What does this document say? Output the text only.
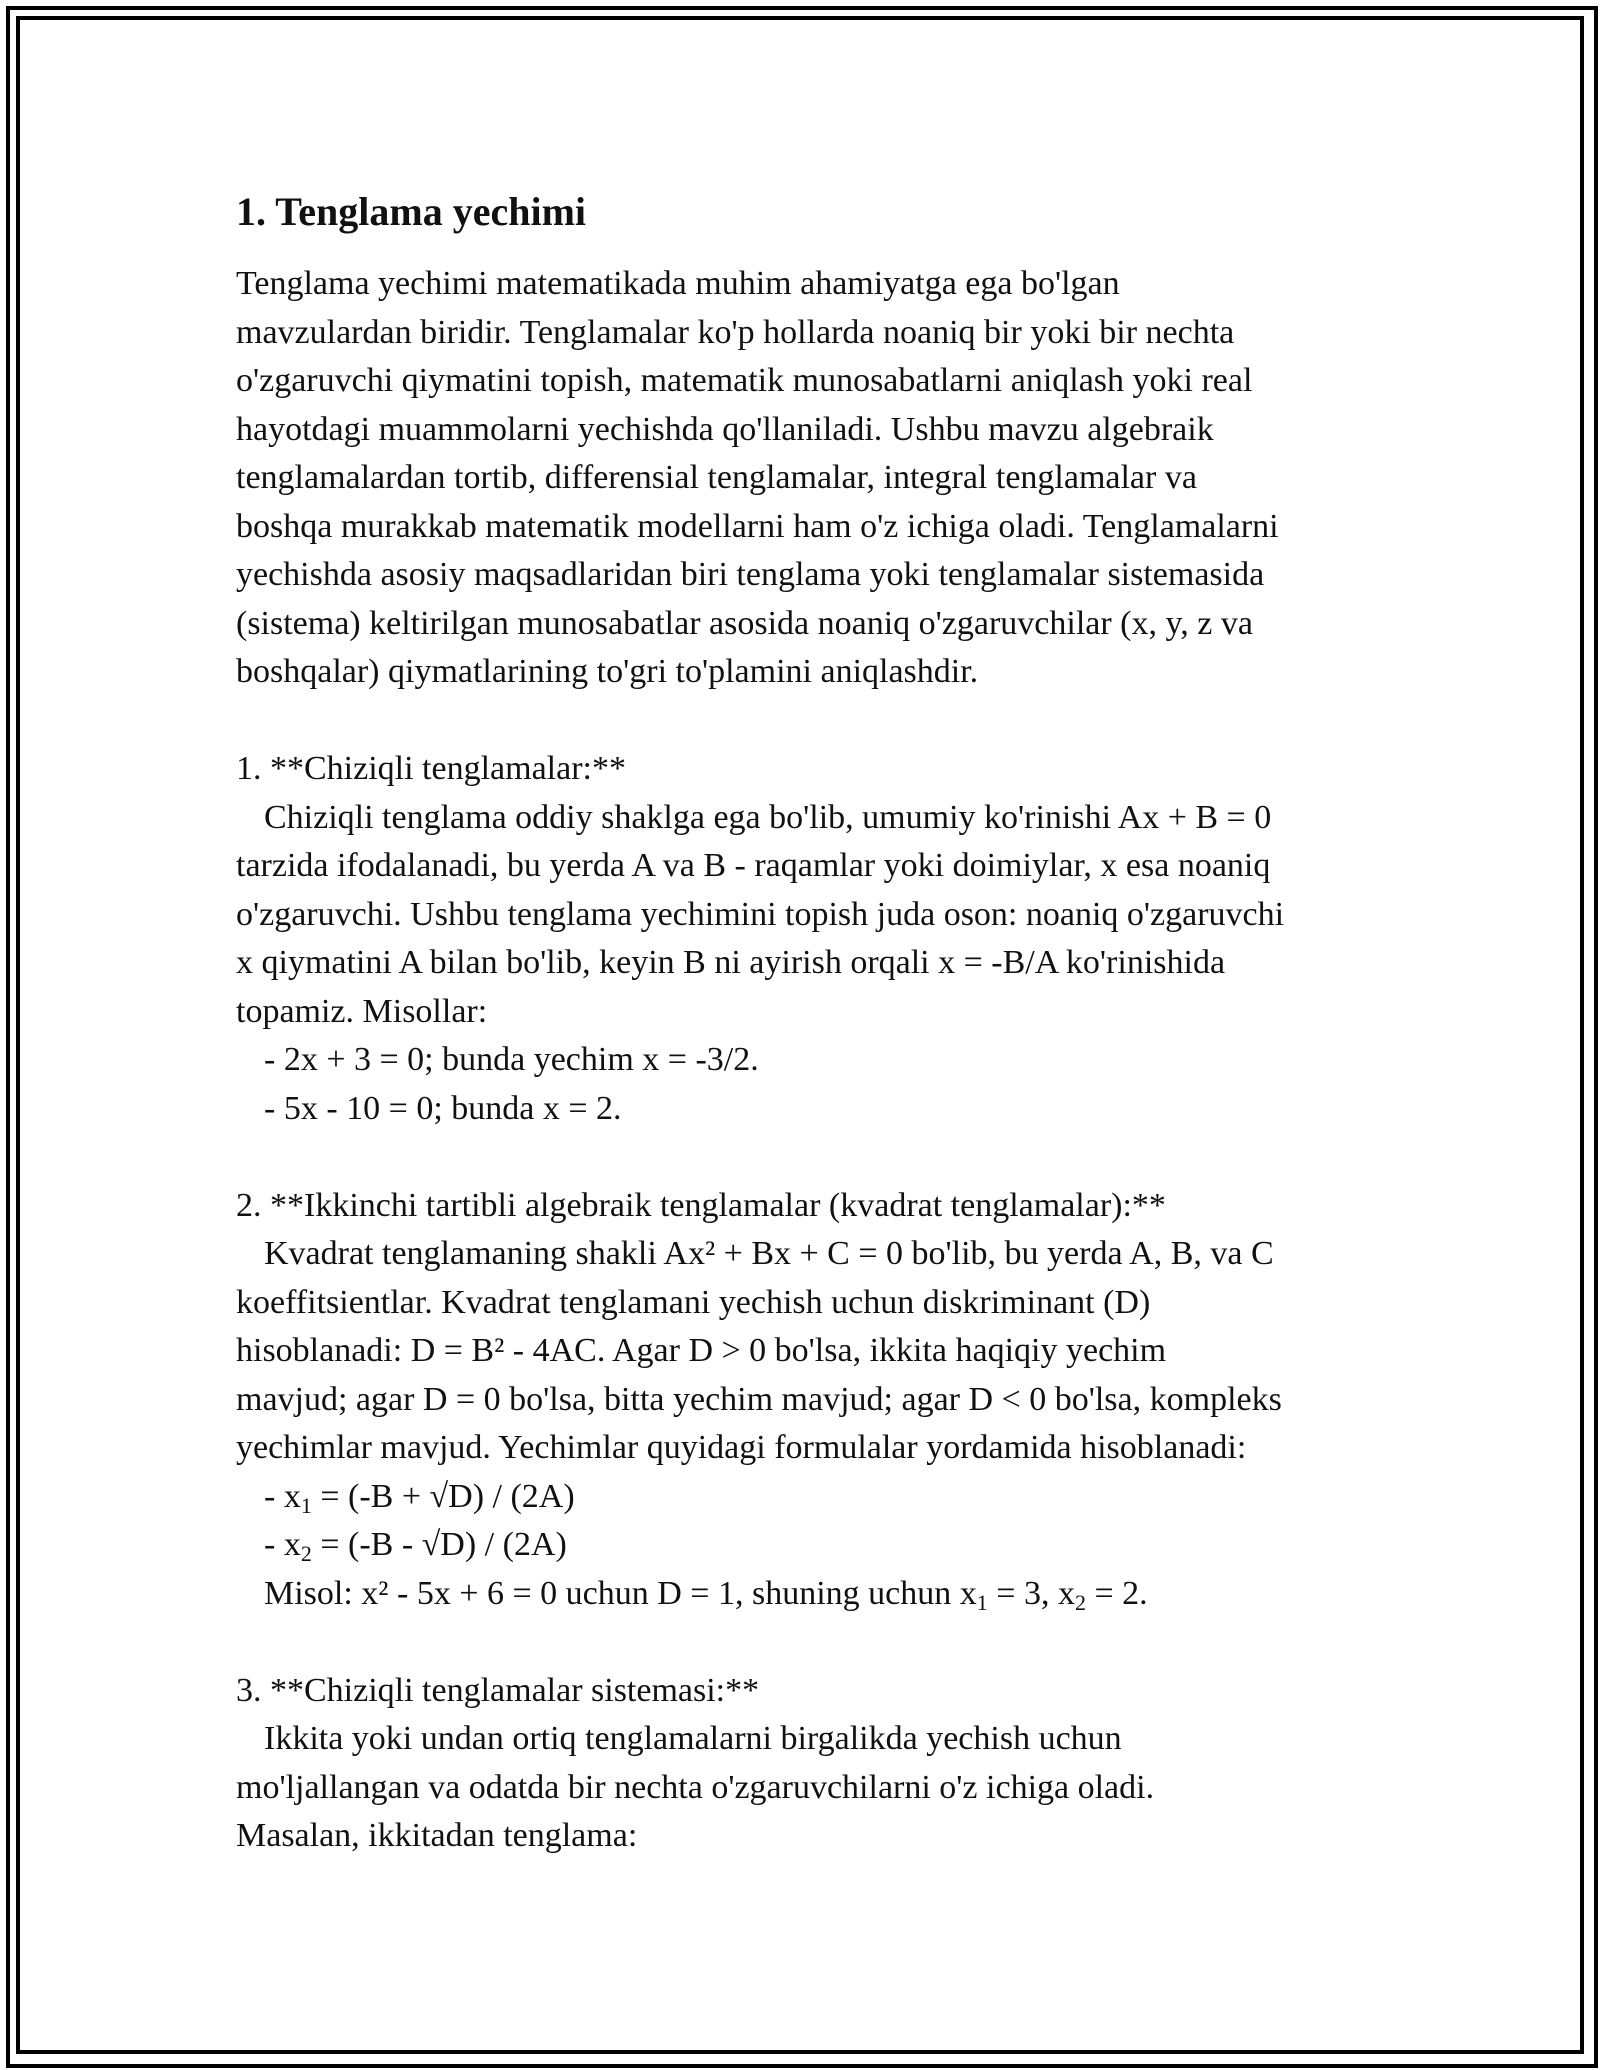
1. Tenglama yechimi
Tenglama yechimi matematikada muhim ahamiyatga ega bo'lgan
mavzulardan biridir. Tenglamalar ko'p hollarda noaniq bir yoki bir nechta
o'zgaruvchi qiymatini topish, matematik munosabatlarni aniqlash yoki real
hayotdagi muammolarni yechishda qo'llaniladi. Ushbu mavzu algebraik
tenglamalardan tortib, differensial tenglamalar, integral tenglamalar va
boshqa murakkab matematik modellarni ham o'z ichiga oladi. Tenglamalarni
yechishda asosiy maqsadlaridan biri tenglama yoki tenglamalar sistemasida
(sistema) keltirilgan munosabatlar asosida noaniq o'zgaruvchilar (x, y, z va
boshqalar) qiymatlarining to'gri to'plamini aniqlashdir.
1. **Chiziqli tenglamalar:**
Chiziqli tenglama oddiy shaklga ega bo'lib, umumiy ko'rinishi Ax + B = 0
tarzida ifodalanadi, bu yerda A va B - raqamlar yoki doimiylar, x esa noaniq
o'zgaruvchi. Ushbu tenglama yechimini topish juda oson: noaniq o'zgaruvchi
x qiymatini A bilan bo'lib, keyin B ni ayirish orqali x = -B/A ko'rinishida
topamiz. Misollar:
- 2x + 3 = 0; bunda yechim x = -3/2.
- 5x - 10 = 0; bunda x = 2.
2. **Ikkinchi tartibli algebraik tenglamalar (kvadrat tenglamalar):**
Kvadrat tenglamaning shakli Ax² + Bx + C = 0 bo'lib, bu yerda A, B, va C
koeffitsientlar. Kvadrat tenglamani yechish uchun diskriminant (D)
hisoblanadi: D = B² - 4AC. Agar D > 0 bo'lsa, ikkita haqiqiy yechim
mavjud; agar D = 0 bo'lsa, bitta yechim mavjud; agar D < 0 bo'lsa, kompleks
yechimlar mavjud. Yechimlar quyidagi formulalar yordamida hisoblanadi:
- $x_1 = (-B + √D) / (2A)$
- $x_2 = (-B - √D) / (2A)$
Misol: x² - 5x + 6 = 0 uchun D = 1, shuning uchun $x_1 = 3$, $x_2 = 2$.
3. **Chiziqli tenglamalar sistemasi:**
Ikkita yoki undan ortiq tenglamalarni birgalikda yechish uchun
mo'ljallangan va odatda bir nechta o'zgaruvchilarni o'z ichiga oladi.
Masalan, ikkitadan tenglama:
